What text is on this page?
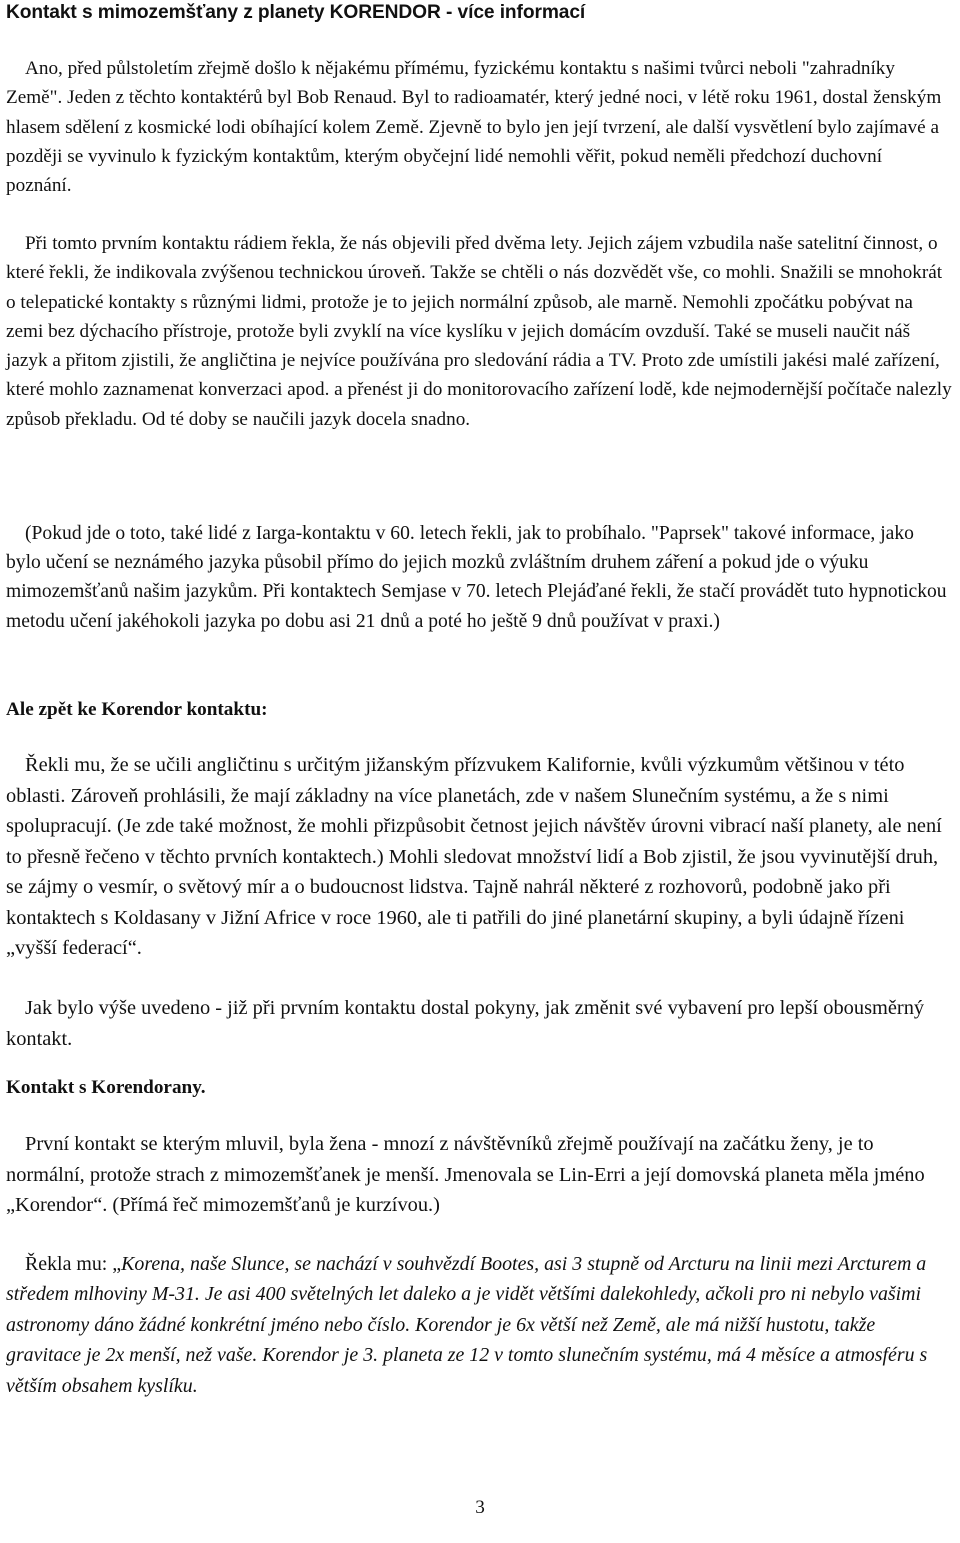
Kontakt s mimozemšťany z planety KORENDOR - více informací

Ano, před půlstoletím zřejmě došlo k nějakému přímému, fyzickému kontaktu s našimi tvůrci neboli "zahradníky Země". Jeden z těchto kontaktérů byl Bob Renaud. Byl to radioamatér, který jedné noci, v létě roku 1961, dostal ženským hlasem sdělení z kosmické lodi obíhající kolem Země. Zjevně to bylo jen její tvrzení, ale další vysvětlení bylo zajímavé a později se vyvinulo k fyzickým kontaktům, kterým obyčejní lidé nemohli věřit, pokud neměli předchozí duchovní poznání.

Při tomto prvním kontaktu rádiem řekla, že nás objevili před dvěma lety. Jejich zájem vzbudila naše satelitní činnost, o které řekli, že indikovala zvýšenou technickou úroveň. Takže se chtěli o nás dozvědět vše, co mohli. Snažili se mnohokrát o telepatické kontakty s různými lidmi, protože je to jejich normální způsob, ale marně. Nemohli zpočátku pobývat na zemi bez dýchacího přístroje, protože byli zvyklí na více kyslíku v jejich domácím ovzduší. Také se museli naučit náš jazyk a přitom zjistili, že angličtina je nejvíce používána pro sledování rádia a TV. Proto zde umístili jakési malé zařízení, které mohlo zaznamenat konverzaci apod. a přenést ji do monitorovacího zařízení lodě, kde nejmodernější počítače nalezly způsob překladu. Od té doby se naučili jazyk docela snadno.

(Pokud jde o toto, také lidé z Iarga-kontaktu v 60. letech řekli, jak to probíhalo. "Paprsek" takové informace, jako bylo učení se neznámého jazyka působil přímo do jejich mozků zvláštním druhem záření a pokud jde o výuku mimozemšťanů našim jazykům. Při kontaktech Semjase v 70. letech Plejáďané řekli, že stačí provádět tuto hypnotickou metodu učení jakéhokoli jazyka po dobu asi 21 dnů a poté ho ještě 9 dnů používat v praxi.)

Ale zpět ke Korendor kontaktu:

Řekli mu, že se učili angličtinu s určitým jižanským přízvukem Kalifornie, kvůli výzkumům většinou v této oblasti. Zároveň prohlásili, že mají základny na více planetách, zde v našem Slunečním systému, a že s nimi spolupracují. (Je zde také možnost, že mohli přizpůsobit četnost jejich návštěv úrovni vibrací naší planety, ale není to přesně řečeno v těchto prvních kontaktech.) Mohli sledovat množství lidí a Bob zjistil, že jsou vyvinutější druh, se zájmy o vesmír, o světový mír a o budoucnost lidstva. Tajně nahrál některé z rozhovorů, podobně jako při kontaktech s Koldasany v Jižní Africe v roce 1960, ale ti patřili do jiné planetární skupiny, a byli údajně řízeni „vyšší federací“.

Jak bylo výše uvedeno - již při prvním kontaktu dostal pokyny, jak změnit své vybavení pro lepší obousměrný kontakt.

Kontakt s Korendorany.

První kontakt se kterým mluvil, byla žena - mnozí z návštěvníků zřejmě používají na začátku ženy, je to normální, protože strach z mimozemšťanek je menší. Jmenovala se Lin-Erri a její domovská planeta měla jméno „Korendor“. (Přímá řeč mimozemšťanů je kurzívou.)

Řekla mu: „Korena, naše Slunce, se nachází v souhvězdí Bootes, asi 3 stupně od Arcturu na linii mezi Arcturem a středem mlhoviny M-31. Je asi 400 světelných let daleko a je vidět většími dalekohledy, ačkoli pro ni nebylo vašimi astronomy dáno žádné konkrétní jméno nebo číslo. Korendor je 6x větší než Země, ale má nižší hustotu, takže gravitace je 2x menší, než vaše. Korendor je 3. planeta ze 12 v tomto slunečním systému, má 4 měsíce a atmosféru s větším obsahem kyslíku.

3
